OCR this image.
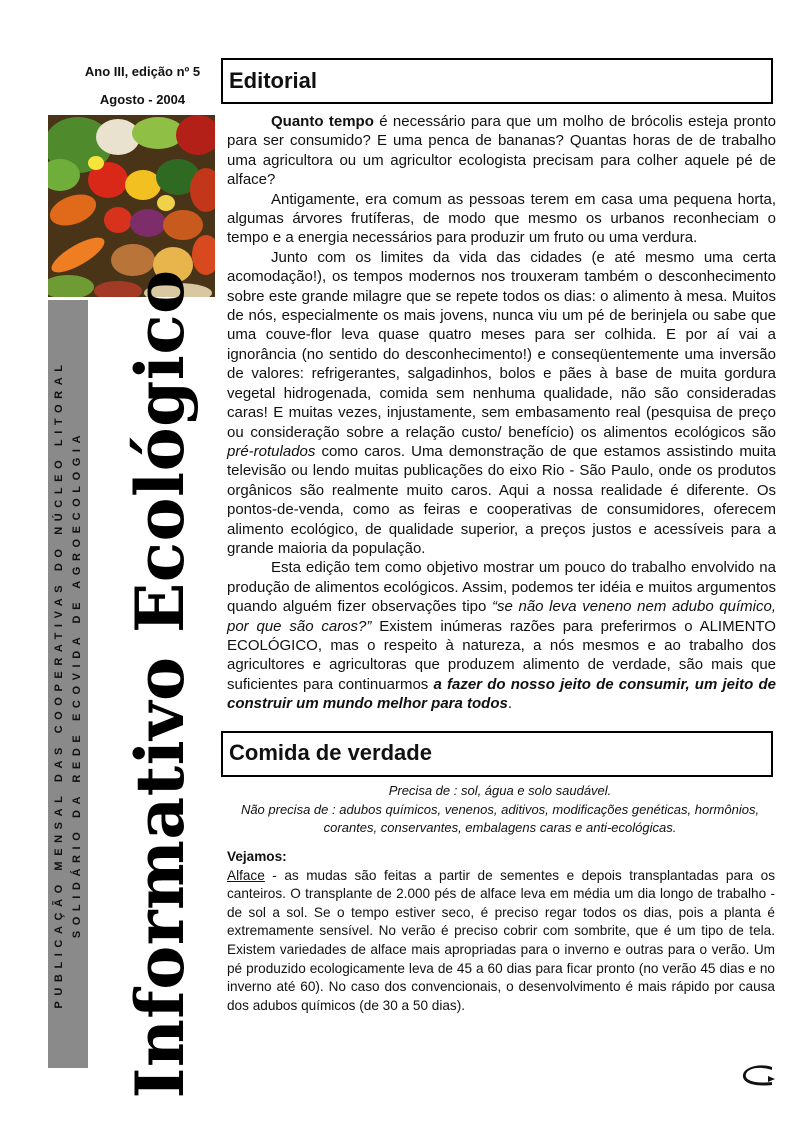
Ano III, edição nº 5
Agosto - 2004
PUBLICAÇÃO MENSAL DAS COOPERATIVAS DO NÚCLEO LITORAL SOLIDÁRIO DA REDE ECOVIDA DE AGROECOLOGIA Informativo Ecológico
Editorial

Quanto tempo é necessário para que um molho de brócolis esteja pronto para ser consumido? E uma penca de bananas? Quantas horas de de trabalho uma agricultora ou um agricultor ecologista precisam para colher aquele pé de alface?

Antigamente, era comum as pessoas terem em casa uma pequena horta, algumas árvores frutíferas, de modo que mesmo os urbanos reconheciam o tempo e a energia necessários para produzir um fruto ou uma verdura.

Junto com os limites da vida das cidades (e até mesmo uma certa acomodação!), os tempos modernos nos trouxeram também o desconhecimento sobre este grande milagre que se repete todos os dias: o alimento à mesa. Muitos de nós, especialmente os mais jovens, nunca viu um pé de berinjela ou sabe que uma couve-flor leva quase quatro meses para ser colhida. E por aí vai a ignorância (no sentido do desconhecimento!) e conseqüentemente uma inversão de valores: refrigerantes, salgadinhos, bolos e pães à base de muita gordura vegetal hidrogenada, comida sem nenhuma qualidade, não são consideradas caras! E muitas vezes, injustamente, sem embasamento real (pesquisa de preço ou consideração sobre a relação custo/ benefício) os alimentos ecológicos são pré-rotulados como caros. Uma demonstração de que estamos assistindo muita televisão ou lendo muitas publicações do eixo Rio - São Paulo, onde os produtos orgânicos são realmente muito caros. Aqui a nossa realidade é diferente. Os pontos-de-venda, como as feiras e cooperativas de consumidores, oferecem alimento ecológico, de qualidade superior, a preços justos e acessíveis para a grande maioria da população.

Esta edição tem como objetivo mostrar um pouco do trabalho envolvido na produção de alimentos ecológicos. Assim, podemos ter idéia e muitos argumentos quando alguém fizer observações tipo “se não leva veneno nem adubo químico, por que são caros?” Existem inúmeras razões para preferirmos o ALIMENTO ECOLÓGICO, mas o respeito à natureza, a nós mesmos e ao trabalho dos agricultores e agricultoras que produzem alimento de verdade, são mais que suficientes para continuarmos a fazer do nosso jeito de consumir, um jeito de construir um mundo melhor para todos.

Comida de verdade
Precisa de : sol, água e solo saudável.
Não precisa de : adubos químicos, venenos, aditivos, modificações genéticas, hormônios,
corantes, conservantes, embalagens caras e anti-ecológicas.
Vejamos:
Alface - as mudas são feitas a partir de sementes e depois transplantadas para os canteiros. O transplante de 2.000 pés de alface leva em média um dia longo de trabalho -de sol a sol. Se o tempo estiver seco, é preciso regar todos os dias, pois a planta é extremamente sensível. No verão é preciso cobrir com sombrite, que é um tipo de tela. Existem variedades de alface mais apropriadas para o inverno e outras para o verão. Um pé produzido ecologicamente leva de 45 a 60 dias para ficar pronto (no verão 45 dias e no inverno até 60). No caso dos convencionais, o desenvolvimento é mais rápido por causa dos adubos químicos (de 30 a 50 dias).
